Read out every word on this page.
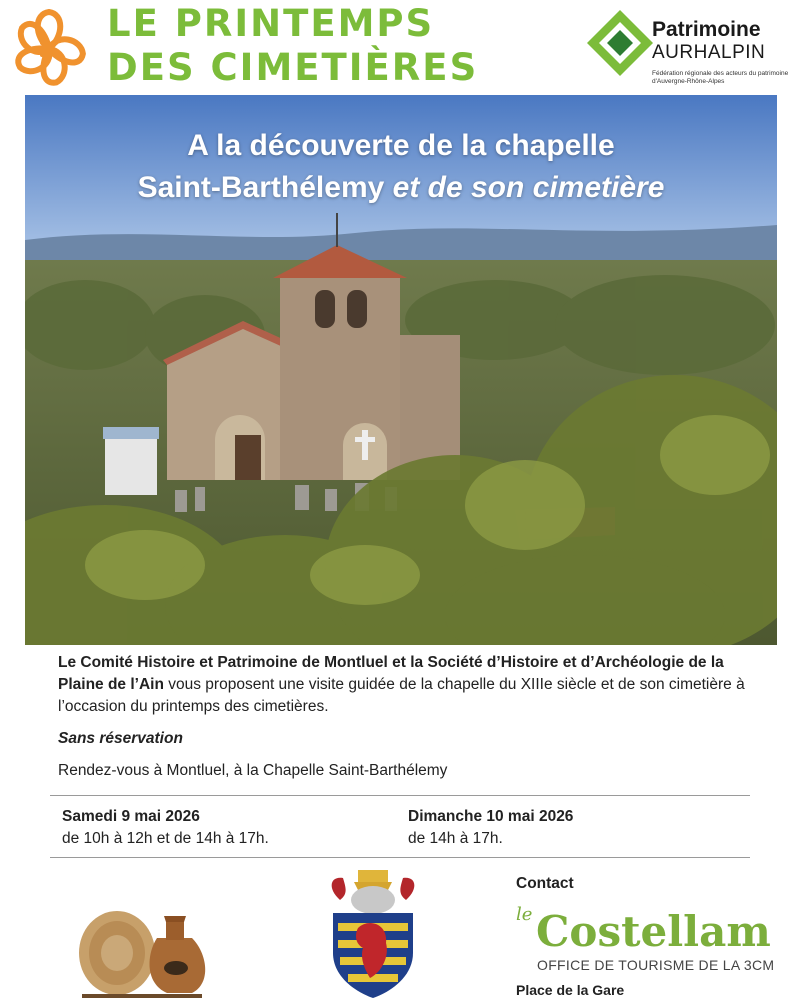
LE PRINTEMPS
DES CIMETIÈRES
Patrimoine
AURHALPIN
Fédération régionale des acteurs du patrimoine d'Auvergne-Rhône-Alpes
A la découverte de la chapelle
Saint-Barthélemy et de son cimetière
Le Comité Histoire et Patrimoine de Montluel et la Société d’Histoire et d’Archéologie de la Plaine de l’Ain vous proposent une visite guidée de la chapelle du XIIIe siècle et de son cimetière à l’occasion du printemps des cimetières.
Sans réservation
Rendez-vous à Montluel, à la Chapelle Saint-Barthélemy
Samedi 9 mai 2026
de 10h à 12h et de 14h à 17h.
Dimanche 10 mai 2026
de 14h à 17h.
Contact
le Costellam
OFFICE DE TOURISME DE LA 3CM
Place de la Gare
